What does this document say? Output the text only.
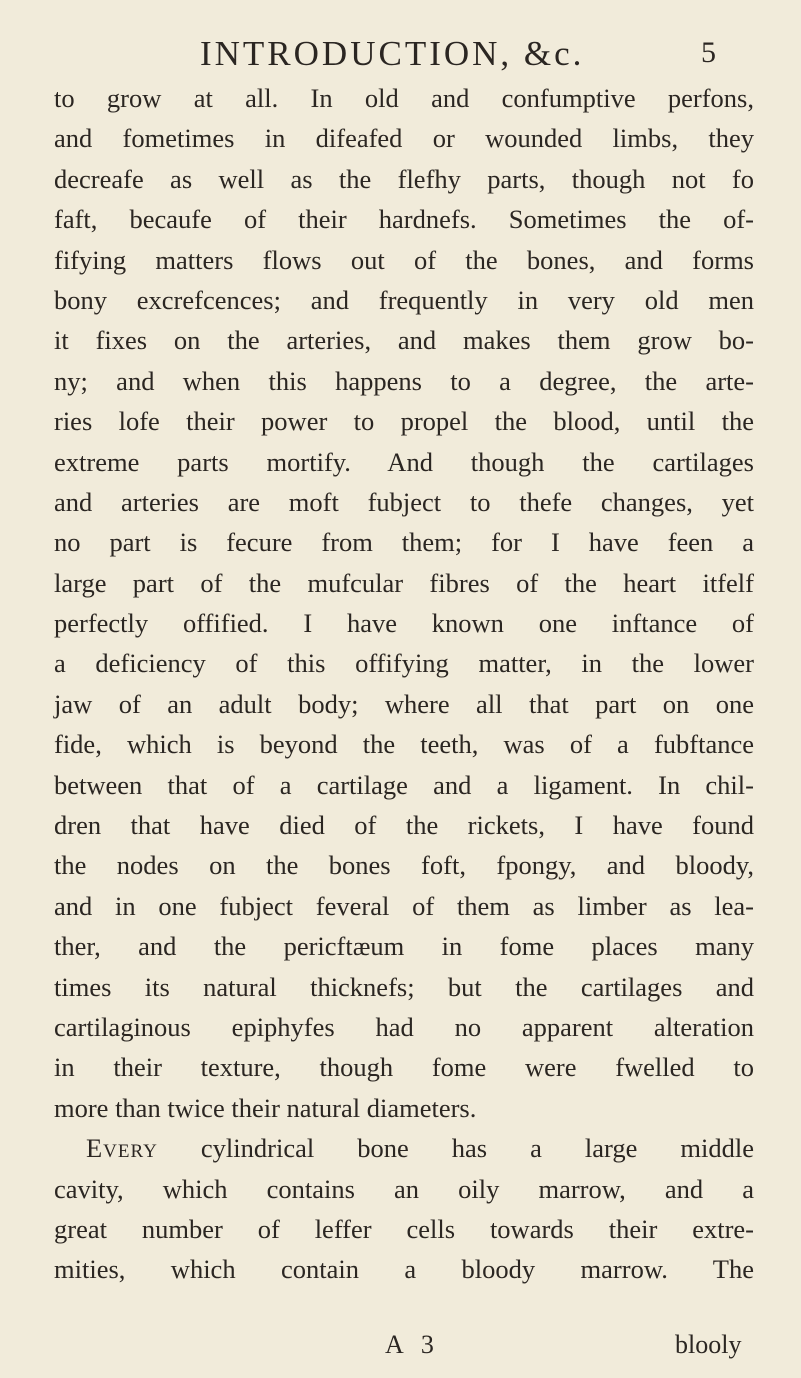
INTRODUCTION, &c.	5
to grow at all. In old and confumptive perfons,
and fometimes in difeafed or wounded limbs, they
decreafe as well as the flefhy parts, though not fo
faft, becaufe of their hardnefs. Sometimes the of-
fifying matters flows out of the bones, and forms
bony excrefcences; and frequently in very old men
it fixes on the arteries, and makes them grow bo-
ny; and when this happens to a degree, the arte-
ries lofe their power to propel the blood, until the
extreme parts mortify. And though the cartilages
and arteries are moft fubject to thefe changes, yet
no part is fecure from them; for I have feen a
large part of the mufcular fibres of the heart itfelf
perfectly offified. I have known one inftance of
a deficiency of this offifying matter, in the lower
jaw of an adult body; where all that part on one
fide, which is beyond the teeth, was of a fubftance
between that of a cartilage and a ligament. In chil-
dren that have died of the rickets, I have found
the nodes on the bones foft, fpongy, and bloody,
and in one fubject feveral of them as limber as lea-
ther, and the pericftæum in fome places many
times its natural thicknefs; but the cartilages and
cartilaginous epiphyfes had no apparent alteration
in their texture, though fome were fwelled to
more than twice their natural diameters.
Every cylindrical bone has a large middle
cavity, which contains an oily marrow, and a
great number of leffer cells towards their extre-
mities, which contain a bloody marrow. The
A 3	blooly
